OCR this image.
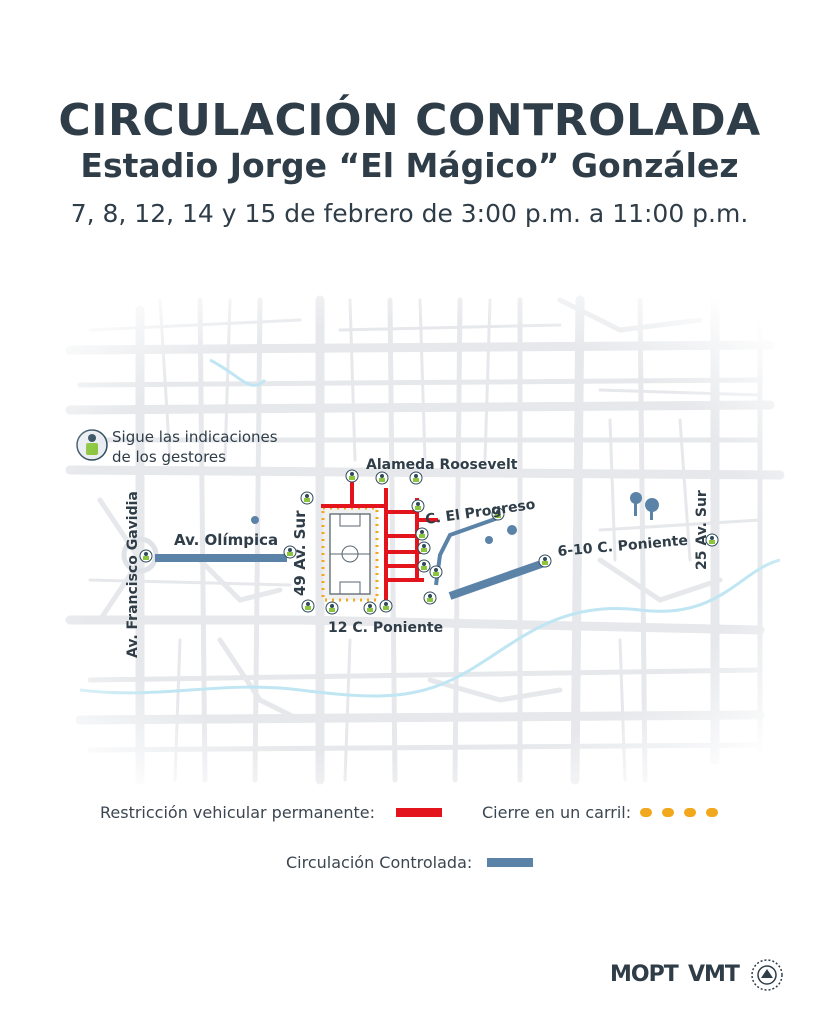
CIRCULACIÓN CONTROLADA
Estadio Jorge “El Mágico” González
7, 8, 12, 14 y 15 de febrero de 3:00 p.m. a 11:00 p.m.
Restricción vehicular permanente:	Cierre en un carril:
Circulación Controlada:
MOPT VMT
